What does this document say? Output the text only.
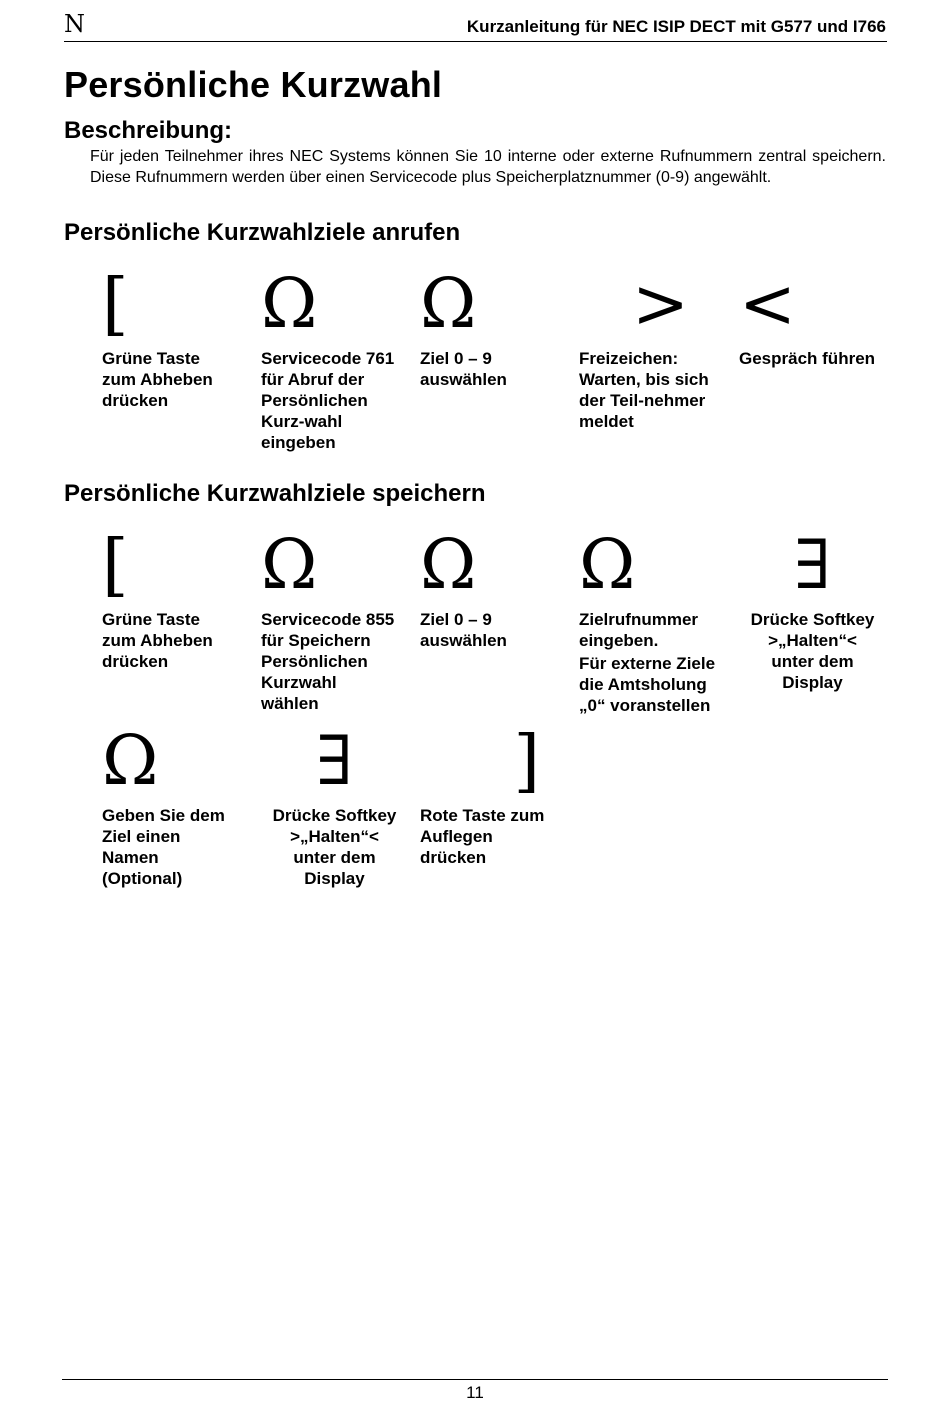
N	Kurzanleitung für NEC ISIP DECT mit G577 und I766
Persönliche Kurzwahl
Beschreibung:

Für jeden Teilnehmer ihres NEC Systems können Sie 10 interne oder externe Rufnummern zentral speichern. Diese Rufnummern werden über einen Servicecode plus Speicherplatznummer (0-9) angewählt.

Persönliche Kurzwahlziele anrufen
[
Grüne Taste
zum Abheben
drücken
Ω
Servicecode 761
für Abruf der
Persönlichen
Kurz-wahl
eingeben
Ω
Ziel 0 – 9
auswählen
>
Freizeichen:
Warten, bis sich
der Teil-nehmer
meldet
<
Gespräch führen
Persönliche Kurzwahlziele speichern
[
Grüne Taste
zum Abheben
drücken
Ω
Servicecode 855
für Speichern
Persönlichen
Kurzwahl
wählen
Ω
Ziel 0 – 9
auswählen
Ω
Zielrufnummer
eingeben.
Für externe Ziele
die Amtsholung
„0“ voranstellen
∃
Drücke Softkey
>„Halten“<
unter dem
Display
Ω
Geben Sie dem
Ziel einen
Namen
(Optional)
∃
Drücke Softkey
>„Halten“<
unter dem
Display
]
Rote Taste zum
Auflegen
drücken
11
